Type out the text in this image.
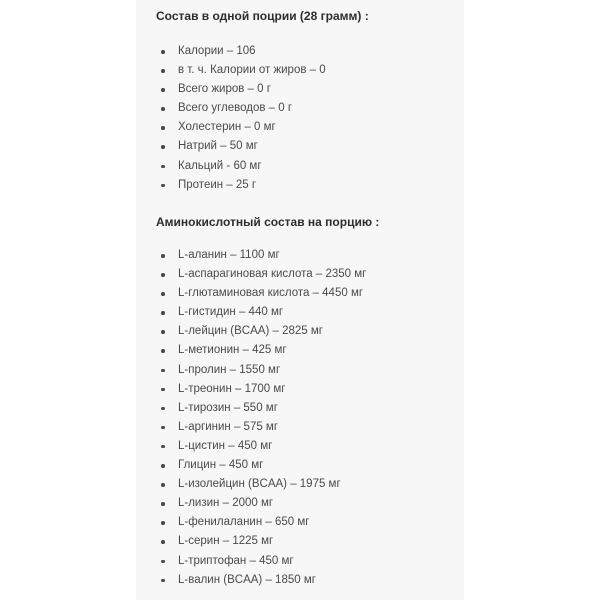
Состав в одной поцрии (28 грамм) :
Калории – 106
в т. ч. Калории от жиров – 0
Всего жиров – 0 г
Всего углеводов – 0 г
Холестерин – 0 мг
Натрий – 50 мг
Кальций - 60 мг
Протеин – 25 г
Аминокислотный состав на порцию :
L-аланин – 1100 мг
L-аспарагиновая кислота – 2350 мг
L-глютаминовая кислота – 4450 мг
L-гистидин – 440 мг
L-лейцин (BCAA) – 2825 мг
L-метионин – 425 мг
L-пролин – 1550 мг
L-треонин – 1700 мг
L-тирозин – 550 мг
L-аргинин – 575 мг
L-цистин – 450 мг
Глицин – 450 мг
L-изолейцин (BCAA) – 1975 мг
L-лизин – 2000 мг
L-фенилаланин – 650 мг
L-серин – 1225 мг
L-триптофан – 450 мг
L-валин (BCAA) – 1850 мг
